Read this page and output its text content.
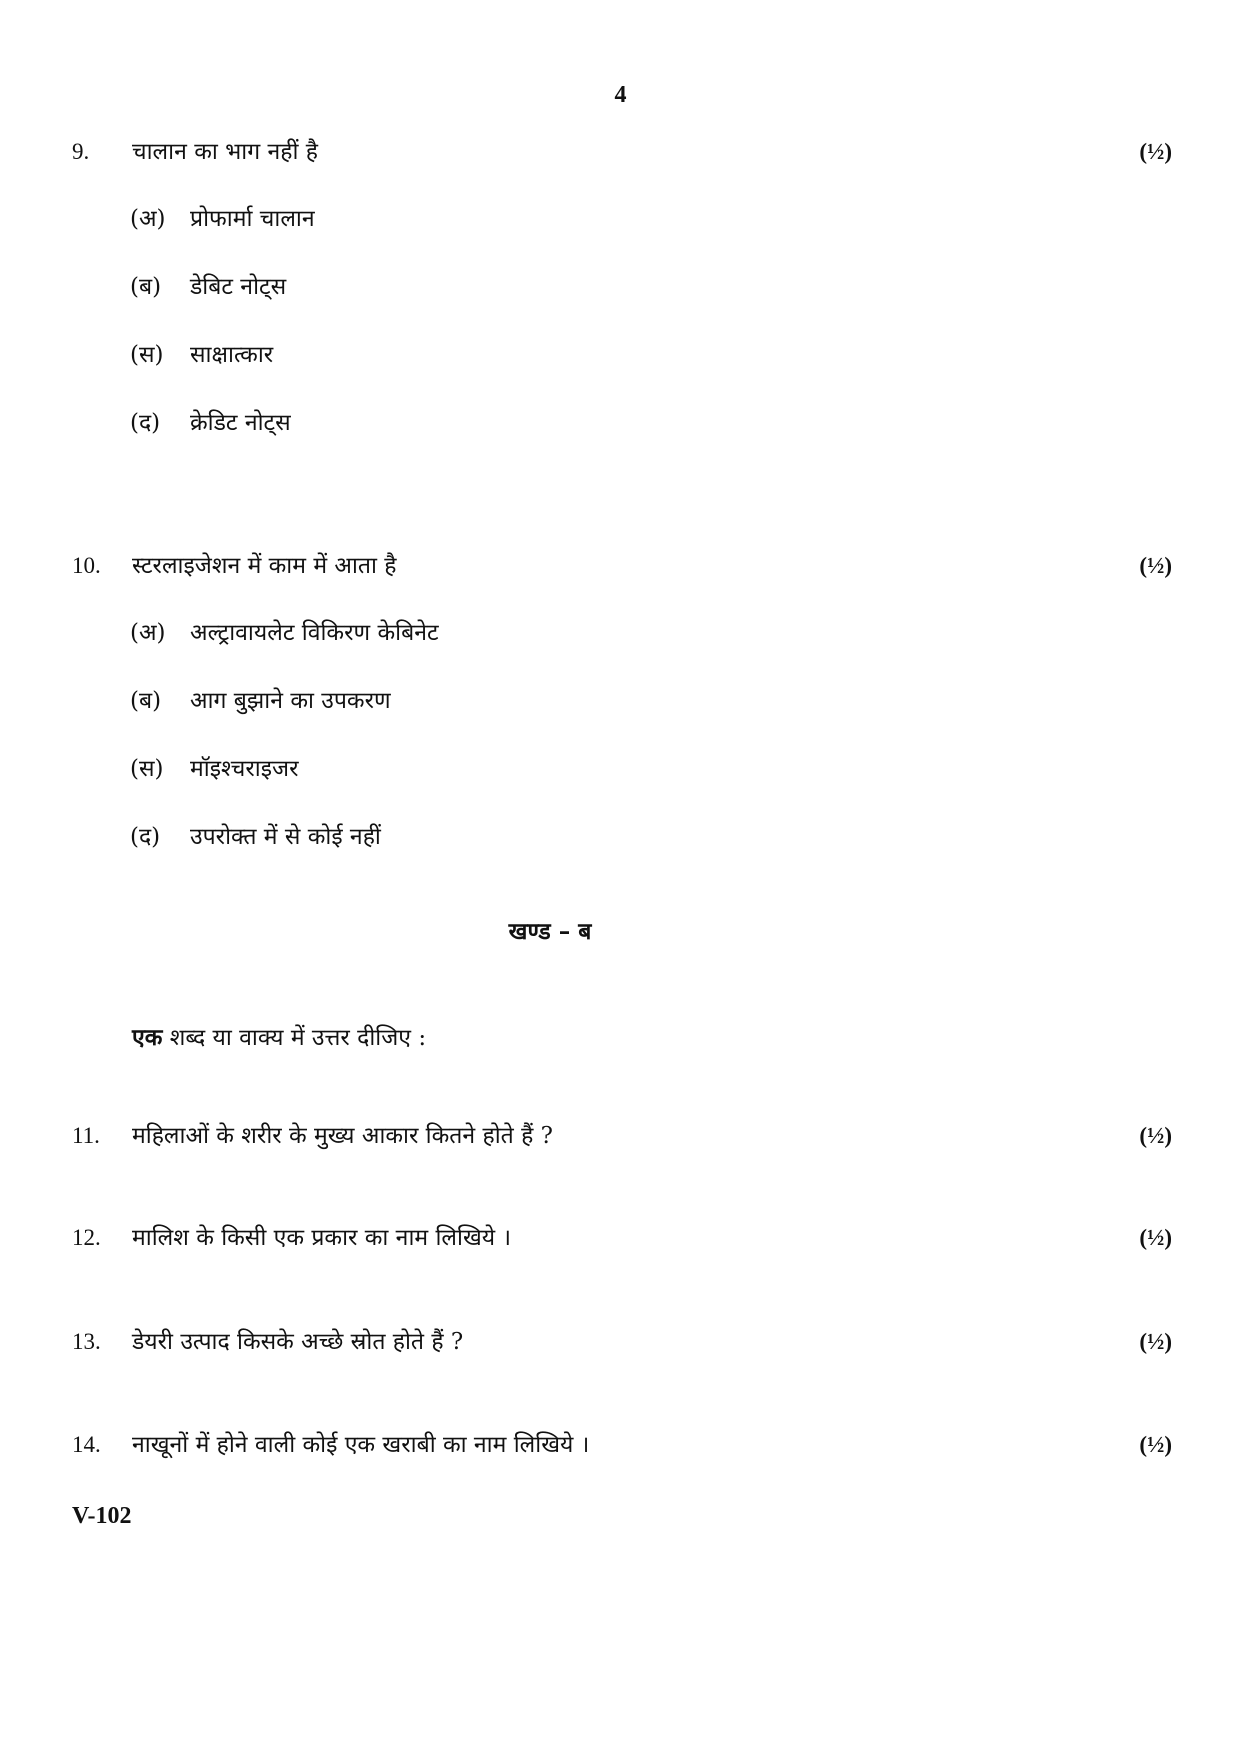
4
9. चालान का भाग नहीं है	(½)
(अ) प्रोफार्मा चालान
(ब) डेबिट नोट्स
(स) साक्षात्कार
(द) क्रेडिट नोट्स
10. स्टरलाइजेशन में काम में आता है	(½)
(अ) अल्ट्रावायलेट विकिरण केबिनेट
(ब) आग बुझाने का उपकरण
(स) मॉइश्चराइजर
(द) उपरोक्त में से कोई नहीं
खण्ड – ब
एक शब्द या वाक्य में उत्तर दीजिए :
11. महिलाओं के शरीर के मुख्य आकार कितने होते हैं ?	(½)
12. मालिश के किसी एक प्रकार का नाम लिखिये ।	(½)
13. डेयरी उत्पाद किसके अच्छे स्रोत होते हैं ?	(½)
14. नाखूनों में होने वाली कोई एक खराबी का नाम लिखिये ।	(½)
V-102
